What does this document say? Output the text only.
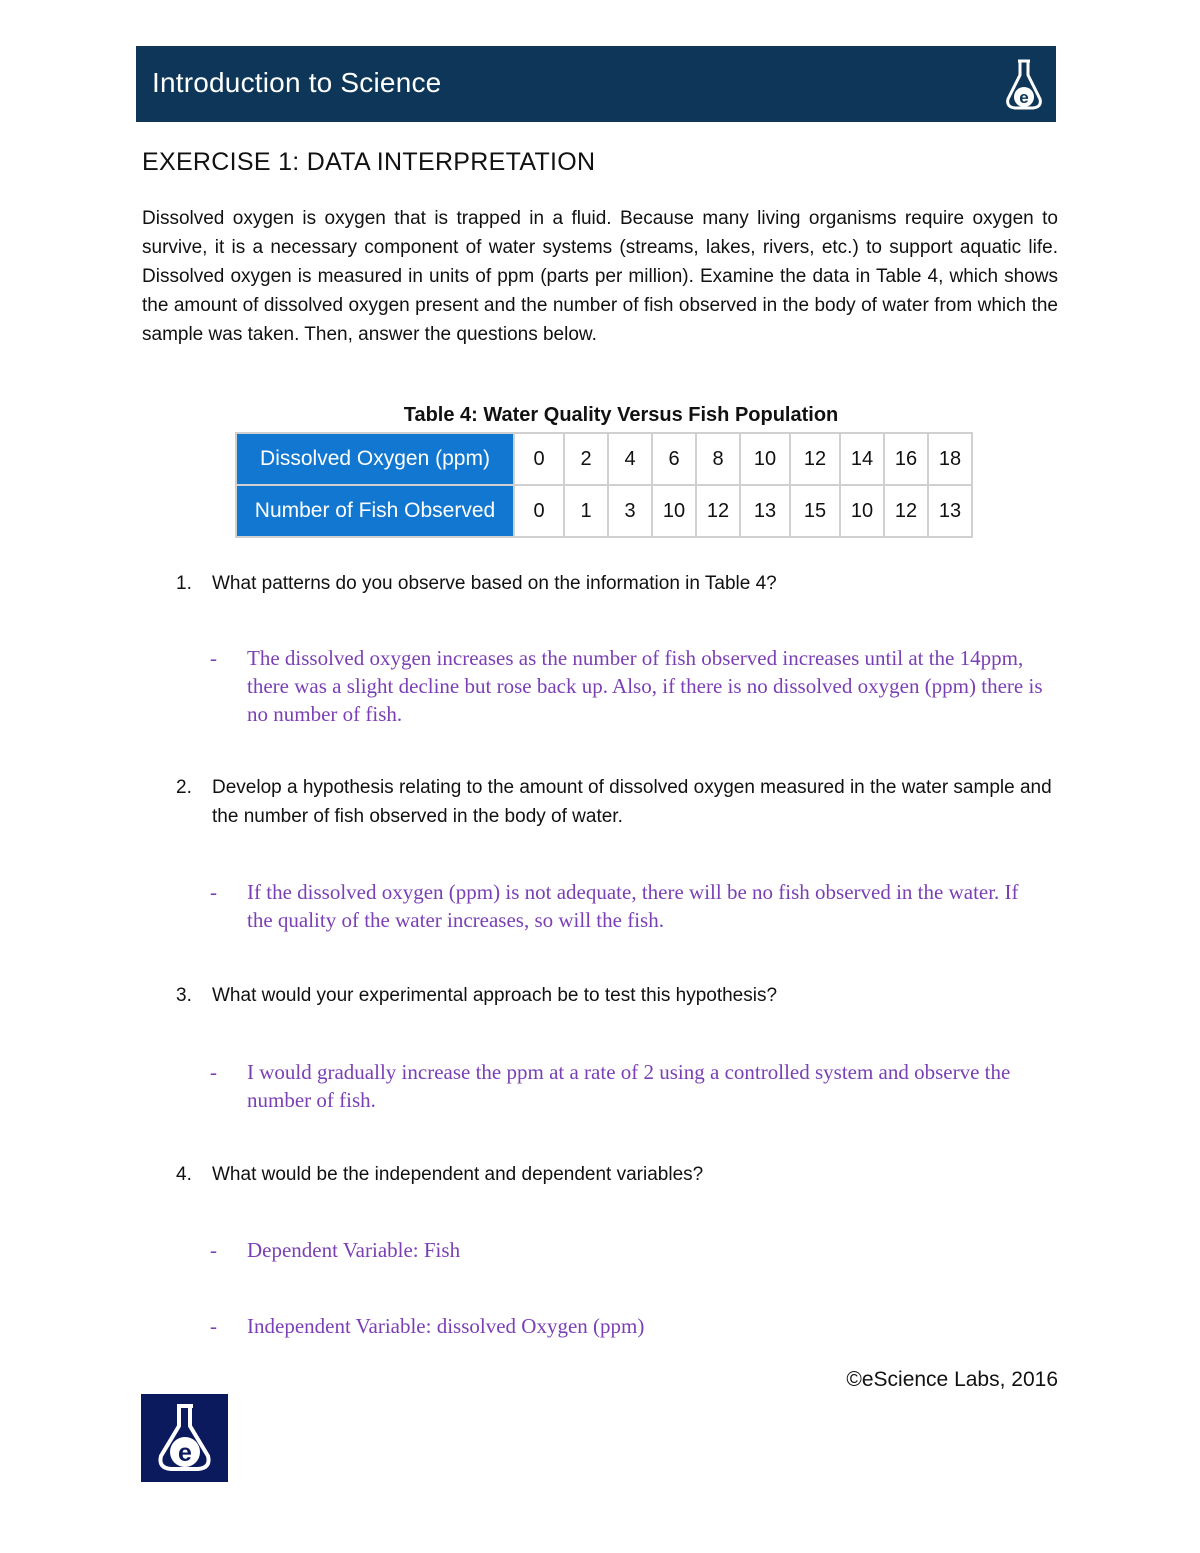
Introduction to Science	e
EXERCISE 1: DATA INTERPRETATION

Dissolved oxygen is oxygen that is trapped in a fluid. Because many living organisms require oxygen to survive, it is a necessary component of water systems (streams, lakes, rivers, etc.) to support aquatic life. Dissolved oxygen is measured in units of ppm (parts per million). Examine the data in Table 4, which shows the amount of dissolved oxygen present and the number of fish observed in the body of water from which the sample was taken. Then, answer the questions below.

Table 4: Water Quality Versus Fish Population
Dissolved Oxygen (ppm)	0	2	4	6	8	10	12	14	16	18
Number of Fish Observed	0	1	3	10	12	13	15	10	12	13
1. What patterns do you observe based on the information in Table 4?
- The dissolved oxygen increases as the number of fish observed increases until at the 14ppm, there was a slight decline but rose back up. Also, if there is no dissolved oxygen (ppm) there is no number of fish.
2. Develop a hypothesis relating to the amount of dissolved oxygen measured in the water sample and the number of fish observed in the body of water.
- If the dissolved oxygen (ppm) is not adequate, there will be no fish observed in the water. If the quality of the water increases, so will the fish.
3. What would your experimental approach be to test this hypothesis?
- I would gradually increase the ppm at a rate of 2 using a controlled system and observe the number of fish.
4. What would be the independent and dependent variables?
- Dependent Variable: Fish
- Independent Variable: dissolved Oxygen (ppm)
©eScience Labs, 2016
e
